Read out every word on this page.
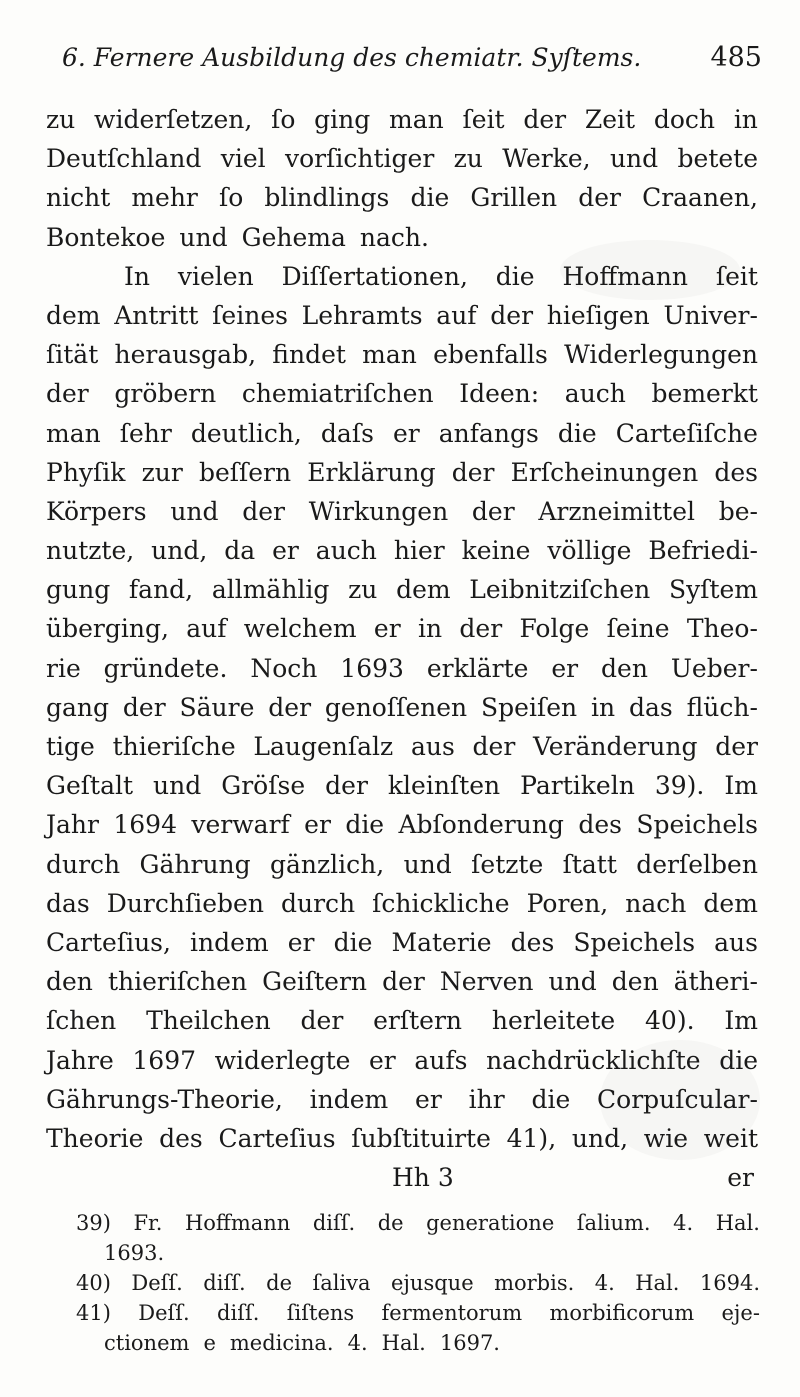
6. Fernere Ausbildung des chemiatr. Syſtems.	485
zu widerſetzen, ſo ging man ſeit der Zeit doch in
Deutſchland viel vorſichtiger zu Werke, und betete
nicht mehr ſo blindlings die Grillen der Craanen,
Bontekoe und Gehema nach.
In vielen Diſſertationen, die Hoffmann ſeit
dem Antritt ſeines Lehramts auf der hieſigen Univer-
ſität herausgab, findet man ebenfalls Widerlegungen
der gröbern chemiatriſchen Ideen: auch bemerkt
man ſehr deutlich, daſs er anfangs die Carteſiſche
Phyſik zur beſſern Erklärung der Erſcheinungen des
Körpers und der Wirkungen der Arzneimittel be-
nutzte, und, da er auch hier keine völlige Befriedi-
gung fand, allmählig zu dem Leibnitziſchen Syſtem
überging, auf welchem er in der Folge ſeine Theo-
rie gründete. Noch 1693 erklärte er den Ueber-
gang der Säure der genoſſenen Speiſen in das flüch-
tige thieriſche Laugenſalz aus der Veränderung der
Geſtalt und Gröſse der kleinſten Partikeln 39). Im
Jahr 1694 verwarf er die Abſonderung des Speichels
durch Gährung gänzlich, und ſetzte ſtatt derſelben
das Durchſieben durch ſchickliche Poren, nach dem
Carteſius, indem er die Materie des Speichels aus
den thieriſchen Geiſtern der Nerven und den ätheri-
ſchen Theilchen der erſtern herleitete 40). Im
Jahre 1697 widerlegte er aufs nachdrücklichſte die
Gährungs-Theorie, indem er ihr die Corpuſcular-
Theorie des Carteſius ſubſtituirte 41), und, wie weit
Hh 3	er
39) Fr. Hoffmann diſſ. de generatione ſalium. 4. Hal.
1693.
40) Deſſ. diſſ. de ſaliva ejusque morbis. 4. Hal. 1694.
41) Deſſ. diſſ. ſiſtens fermentorum morbificorum eje-
ctionem e medicina. 4. Hal. 1697.
